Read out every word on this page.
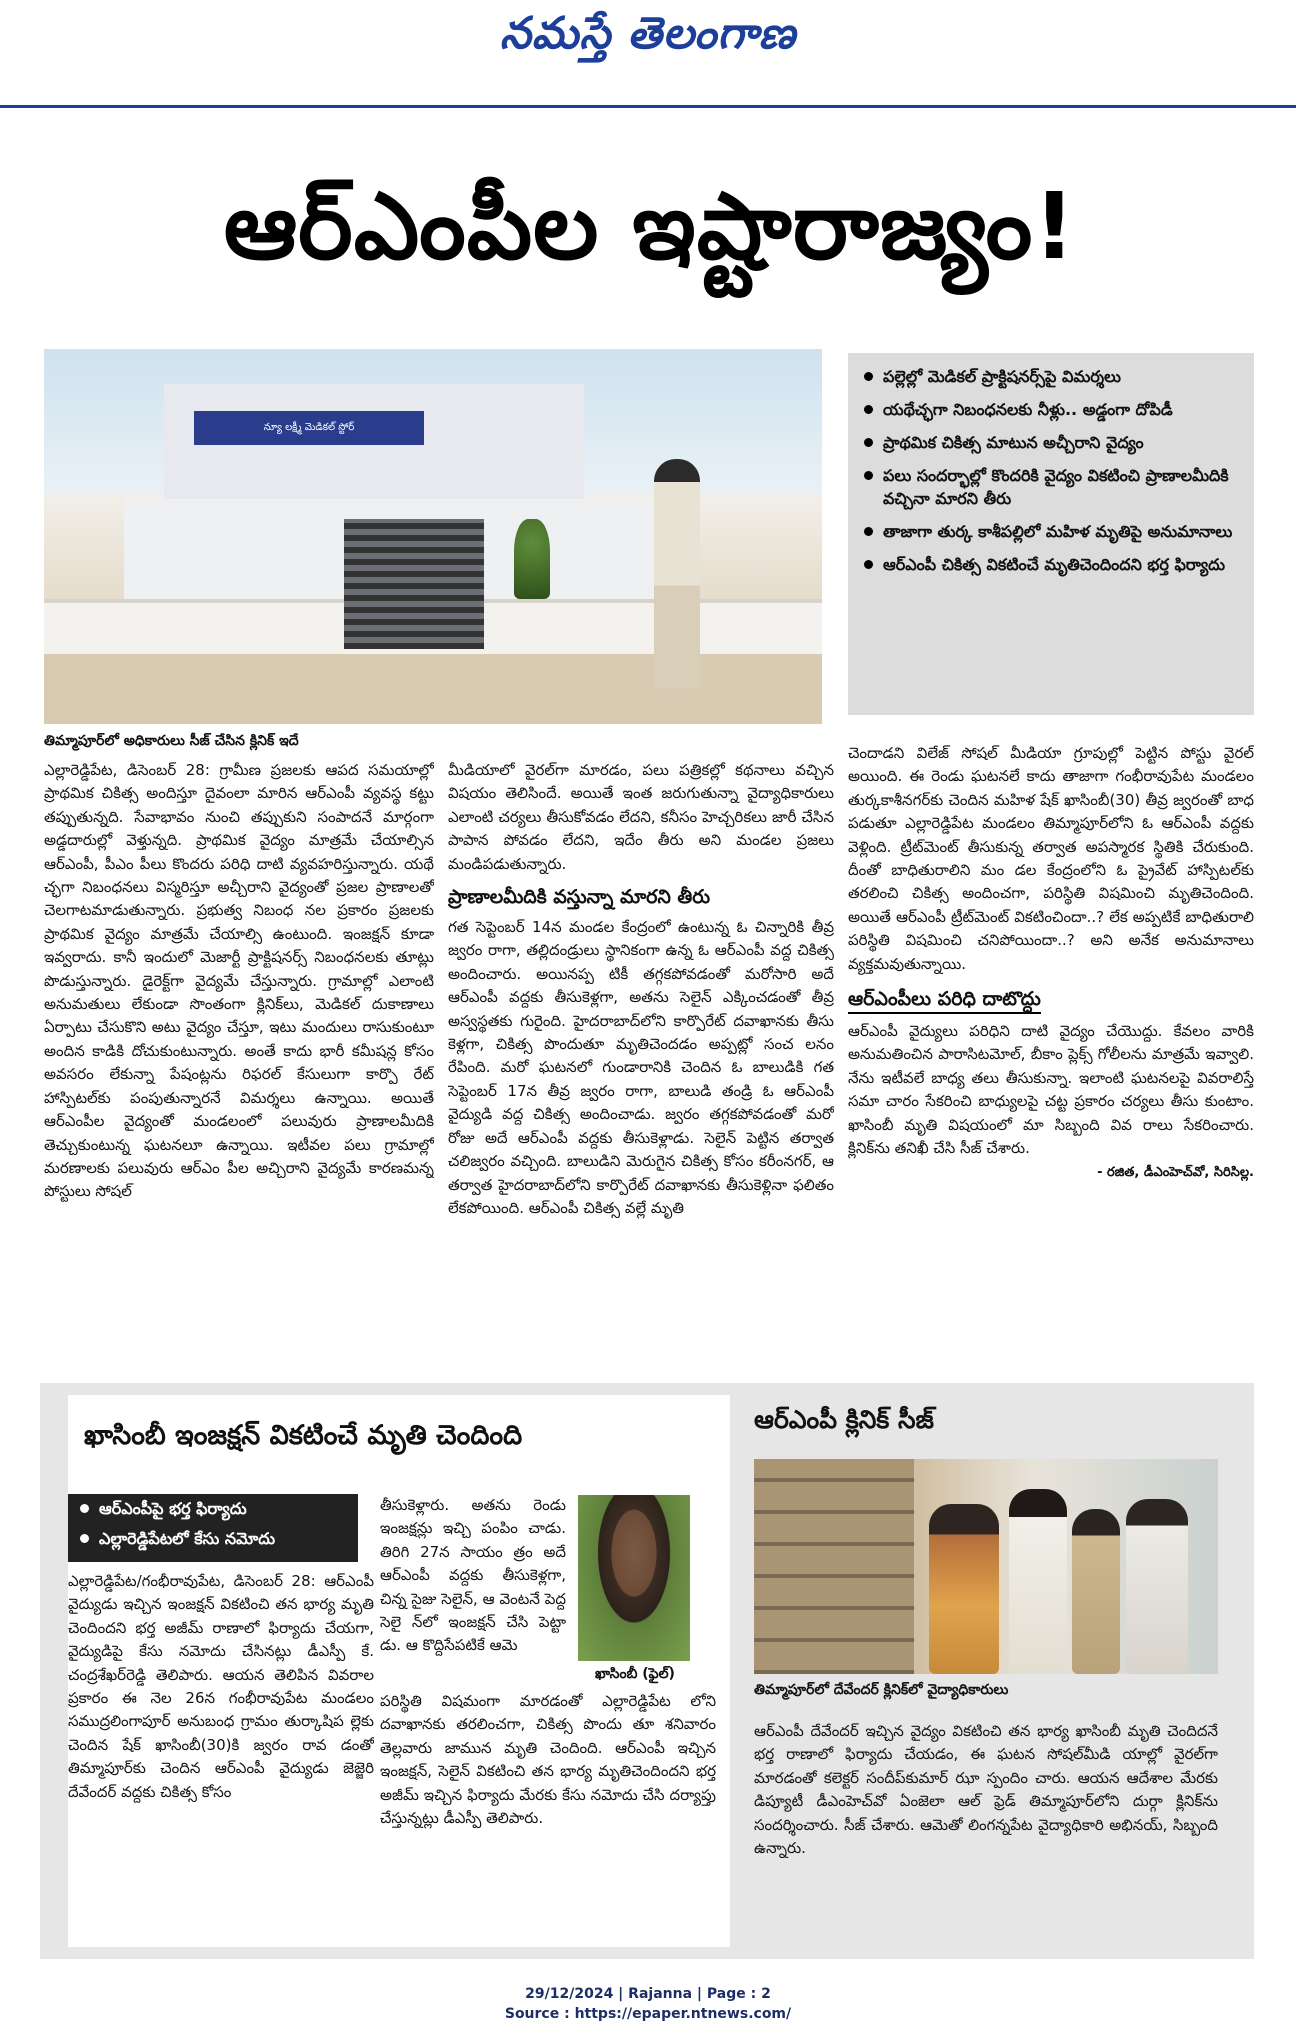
నమస్తే తెలంగాణ
ఆర్‌ఎంపీల ఇష్టారాజ్యం!
న్యూ లక్ష్మీ మెడికల్ స్టోర్
తిమ్మాపూర్‌లో అధికారులు సీజ్ చేసిన క్లినిక్ ఇదే
పల్లెల్లో మెడికల్ ప్రాక్టిషనర్స్‌పై విమర్శలు
యథేచ్ఛగా నిబంధనలకు నీళ్లు.. అడ్డంగా దోపిడీ
ప్రాథమిక చికిత్స మాటున అచ్చీరాని వైద్యం
పలు సందర్భాల్లో కొందరికి వైద్యం వికటించి ప్రాణాలమీదికి వచ్చినా మారని తీరు
తాజాగా తుర్క కాశీపల్లిలో మహిళ మృతిపై అనుమానాలు
ఆర్‌ఎంపీ చికిత్స వికటించే మృతిచెందిందని భర్త ఫిర్యాదు

ఎల్లారెడ్డిపేట, డిసెంబర్ 28: గ్రామీణ ప్రజలకు ఆపద సమయాల్లో ప్రాథమిక చికిత్స అందిస్తూ దైవంలా మారిన ఆర్‌ఎంపీ వ్యవస్థ కట్టు తప్పుతున్నది. సేవాభావం నుంచి తప్పుకుని సంపాదనే మార్గంగా అడ్డదారుల్లో వెళ్తున్నది. ప్రాథమిక వైద్యం మాత్రమే చేయాల్సిన ఆర్‌ఎంపీ, పీఎం పీలు కొందరు పరిధి దాటి వ్యవహరిస్తున్నారు. యథే చ్ఛగా నిబంధనలు విస్మరిస్తూ అచ్చీరాని వైద్యంతో ప్రజల ప్రాణాలతో చెలగాటమాడుతున్నారు. ప్రభుత్వ నిబంధ నల ప్రకారం ప్రజలకు ప్రాథమిక వైద్యం మాత్రమే చేయాల్సి ఉంటుంది. ఇంజక్షన్ కూడా ఇవ్వరాదు. కానీ ఇందులో మెజార్టీ ప్రాక్టిషనర్స్ నిబంధనలకు తూట్లు పొడుస్తున్నారు. డైరెక్ట్‌గా వైద్యమే చేస్తున్నారు. గ్రామాల్లో ఎలాంటి అనుమతులు లేకుండా సొంతంగా క్లినిక్‌లు, మెడికల్ దుకాణాలు ఏర్పాటు చేసుకొని అటు వైద్యం చేస్తూ, ఇటు మందులు రాసుకుంటూ అందిన కాడికి దోచుకుంటున్నారు. అంతే కాదు భారీ కమీషన్ల కోసం అవసరం లేకున్నా పేషంట్లను రిఫరల్ కేసులుగా కార్పొ రేట్ హాస్పిటల్‌కు పంపుతున్నారనే విమర్శలు ఉన్నాయి. అయితే ఆర్‌ఎంపీల వైద్యంతో మండలంలో పలువురు ప్రాణాలమీదికి తెచ్చుకుంటున్న ఘటనలూ ఉన్నాయి. ఇటీవల పలు గ్రామాల్లో మరణాలకు పలువురు ఆర్‌ఎం పీల అచ్చిరాని వైద్యమే కారణమన్న పోస్టులు సోషల్

మీడియాలో వైరల్‌గా మారడం, పలు పత్రికల్లో కథనాలు వచ్చిన విషయం తెలిసిందే. అయితే ఇంత జరుగుతున్నా వైద్యాధికారులు ఎలాంటి చర్యలు తీసుకోవడం లేదని, కనీసం హెచ్చరికలు జారీ చేసిన పాపాన పోవడం లేదని, ఇదేం తీరు అని మండల ప్రజలు మండిపడుతున్నారు.

ప్రాణాలమీదికి వస్తున్నా మారని తీరు

గత సెప్టెంబర్ 14న మండల కేంద్రంలో ఉంటున్న ఓ చిన్నారికి తీవ్ర జ్వరం రాగా, తల్లిదండ్రులు స్థానికంగా ఉన్న ఓ ఆర్‌ఎంపీ వద్ద చికిత్స అందించారు. అయినప్ప టికీ తగ్గకపోవడంతో మరోసారి అదే ఆర్‌ఎంపీ వద్దకు తీసుకెళ్లగా, అతను సెలైన్ ఎక్కించడంతో తీవ్ర అస్వస్థతకు గురైంది. హైదరాబాద్‌లోని కార్పొరేట్ దవాఖానకు తీసు కెళ్లగా, చికిత్స పొందుతూ మృతిచెందడం అప్పట్లో సంచ లనం రేపింది. మరో ఘటనలో గుండారానికి చెందిన ఓ బాలుడికి గత సెప్టెంబర్ 17న తీవ్ర జ్వరం రాగా, బాలుడి తండ్రి ఓ ఆర్‌ఎంపీ వైద్యుడి వద్ద చికిత్స అందించాడు. జ్వరం తగ్గకపోవడంతో మరో రోజు అదే ఆర్‌ఎంపీ వద్దకు తీసుకెళ్లాడు. సెలైన్ పెట్టిన తర్వాత చలిజ్వరం వచ్చింది. బాలుడిని మెరుగైన చికిత్స కోసం కరీంనగర్, ఆ తర్వాత హైదరాబాద్‌లోని కార్పొరేట్ దవాఖానకు తీసుకెళ్లినా ఫలితం లేకపోయింది. ఆర్‌ఎంపీ చికిత్స వల్లే మృతి

చెందాడని విలేజ్ సోషల్ మీడియా గ్రూపుల్లో పెట్టిన పోస్టు వైరల్ అయింది. ఈ రెండు ఘటనలే కాదు తాజాగా గంభీరావుపేట మండలం తుర్కకాశీనగర్‌కు చెందిన మహిళ షేక్ ఖాసింబీ(30) తీవ్ర జ్వరంతో బాధ పడుతూ ఎల్లారెడ్డిపేట మండలం తిమ్మాపూర్‌లోని ఓ ఆర్‌ఎంపీ వద్దకు వెళ్లింది. ట్రీట్‌మెంట్ తీసుకున్న తర్వాత అపస్మారక స్థితికి చేరుకుంది. దీంతో బాధితురాలిని మం డల కేంద్రంలోని ఓ ప్రైవేట్ హాస్పిటల్‌కు తరలించి చికిత్స అందించగా, పరిస్థితి విషమించి మృతిచెందింది. అయితే ఆర్‌ఎంపీ ట్రీట్‌మెంట్ వికటించిందా..? లేక అప్పటికే బాధితురాలి పరిస్థితి విషమించి చనిపోయిందా..? అని అనేక అనుమానాలు వ్యక్తమవుతున్నాయి.

ఆర్‌ఎంపీలు పరిధి దాటొద్దు

ఆర్‌ఎంపీ వైద్యులు పరిధిని దాటి వైద్యం చేయొద్దు. కేవలం వారికి అనుమతించిన పారాసిటమోల్, బీకాం ప్లెక్స్ గోలీలను మాత్రమే ఇవ్వాలి. నేను ఇటీవలే బాధ్య తలు తీసుకున్నా. ఇలాంటి ఘటనలపై వివరాలిస్తే సమా చారం సేకరించి బాధ్యులపై చట్ట ప్రకారం చర్యలు తీసు కుంటాం. ఖాసింబీ మృతి విషయంలో మా సిబ్బంది వివ రాలు సేకరించారు. క్లినిక్‌ను తనిఖీ చేసి సీజ్ చేశారు.

- రజిత, డీఎంహెచ్‌వో, సిరిసిల్ల.
ఖాసింబీ ఇంజక్షన్ వికటించే మృతి చెందింది
ఆర్‌ఎంపీపై భర్త ఫిర్యాదు
ఎల్లారెడ్డిపేటలో కేసు నమోదు

ఎల్లారెడ్డిపేట/గంభీరావుపేట, డిసెంబర్ 28: ఆర్‌ఎంపీ వైద్యుడు ఇచ్చిన ఇంజక్షన్ వికటించి తన భార్య మృతి చెందిందని భర్త అజీమ్ రాణాలో ఫిర్యాదు చేయగా, వైద్యుడిపై కేసు నమోదు చేసినట్లు డీఎస్పీ కే. చంద్రశేఖర్‌రెడ్డి తెలిపారు. ఆయన తెలిపిన వివరాల ప్రకారం ఈ నెల 26న గంభీరావుపేట మండలం సముద్రలింగాపూర్ అనుబంధ గ్రామం తుర్కాషిప ల్లెకు చెందిన షేక్ ఖాసింబీ(30)కి జ్వరం రావ డంతో తిమ్మాపూర్‌కు చెందిన ఆర్‌ఎంపీ వైద్యుడు జెజ్జెరి దేవేందర్ వద్దకు చికిత్స కోసం

తీసుకెళ్లారు. అతను రెండు ఇంజక్షన్లు ఇచ్చి పంపిం చాడు. తిరిగి 27న సాయం త్రం అదే ఆర్‌ఎంపీ వద్దకు తీసుకెళ్లగా, చిన్న సైజు సెలైన్, ఆ వెంటనే పెద్ద సెలై న్‌లో ఇంజక్షన్ చేసి పెట్టా డు. ఆ కొద్దిసేపటికే ఆమె

ఖాసింబీ (ఫైల్)

పరిస్థితి విషమంగా మారడంతో ఎల్లారెడ్డిపేట లోని దవాఖానకు తరలించగా, చికిత్స పొందు తూ శనివారం తెల్లవారు జామున మృతి చెందింది. ఆర్‌ఎంపీ ఇచ్చిన ఇంజక్షన్, సెలైన్ వికటించి తన భార్య మృతిచెందిందని భర్త అజీమ్ ఇచ్చిన ఫిర్యాదు మేరకు కేసు నమోదు చేసి దర్యాప్తు చేస్తున్నట్లు డీఎస్పీ తెలిపారు.

ఆర్‌ఎంపీ క్లినిక్ సీజ్
తిమ్మాపూర్‌లో దేవేందర్ క్లినిక్‌లో వైద్యాధికారులు

ఆర్‌ఎంపీ దేవేందర్ ఇచ్చిన వైద్యం వికటించి తన భార్య ఖాసింబీ మృతి చెందిదనే భర్త రాణాలో ఫిర్యాదు చేయడం, ఈ ఘటన సోషల్‌మీడి యాల్లో వైరల్‌గా మారడంతో కలెక్టర్ సందీప్‌కుమార్ ఝా స్పందిం చారు. ఆయన ఆదేశాల మేరకు డిప్యూటీ డీఎంహెచ్‌వో ఏంజెలా ఆల్ ఫ్రెడ్ తిమ్మాపూర్‌లోని దుర్గా క్లినిక్‌ను సందర్శించారు. సీజ్ చేశారు. ఆమెతో లింగన్నపేట వైద్యాధికారి అభినయ్, సిబ్బంది ఉన్నారు.

29/12/2024 | Rajanna | Page : 2
Source : https://epaper.ntnews.com/
